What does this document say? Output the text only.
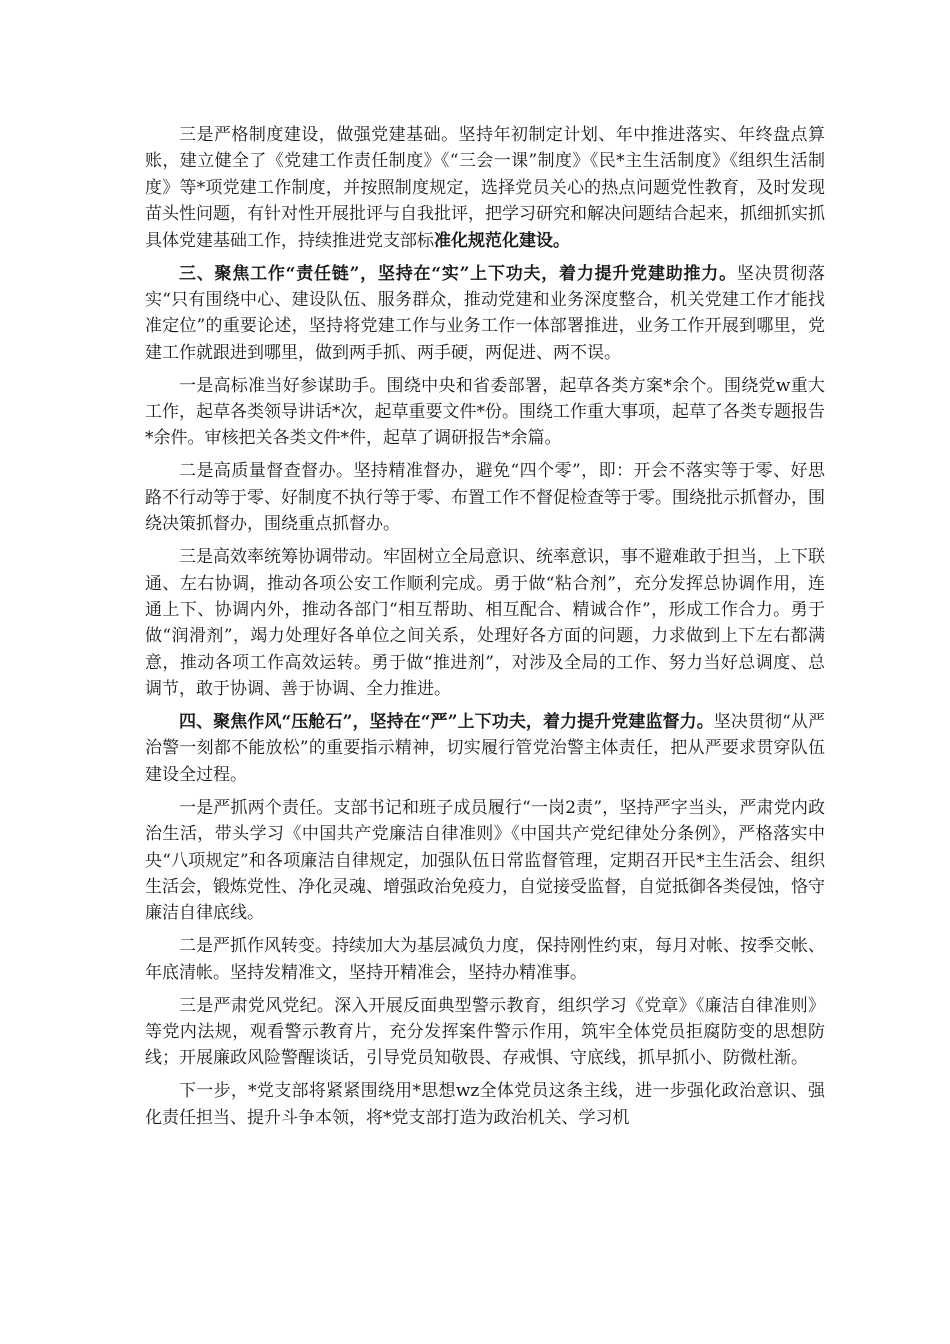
三是严格制度建设，做强党建基础。坚持年初制定计划、年中推进落实、年终盘点算账，建立健全了《党建工作责任制度》《“三会一课”制度》《民*主生活制度》《组织生活制度》等*项党建工作制度，并按照制度规定，选择党员关心的热点问题党性教育，及时发现苗头性问题，有针对性开展批评与自我批评，把学习研究和解决问题结合起来，抓细抓实抓具体党建基础工作，持续推进党支部标准化规范化建设。

三、聚焦工作“责任链”，坚持在“实”上下功夫，着力提升党建助推力。坚决贯彻落实“只有围绕中心、建设队伍、服务群众，推动党建和业务深度整合，机关党建工作才能找准定位”的重要论述，坚持将党建工作与业务工作一体部署推进，业务工作开展到哪里，党建工作就跟进到哪里，做到两手抓、两手硬，两促进、两不误。

一是高标准当好参谋助手。围绕中央和省委部署，起草各类方案*余个。围绕党w重大工作，起草各类领导讲话*次，起草重要文件*份。围绕工作重大事项，起草了各类专题报告*余件。审核把关各类文件*件，起草了调研报告*余篇。

二是高质量督查督办。坚持精准督办，避免“四个零”，即：开会不落实等于零、好思路不行动等于零、好制度不执行等于零、布置工作不督促检查等于零。围绕批示抓督办，围绕决策抓督办，围绕重点抓督办。

三是高效率统筹协调带动。牢固树立全局意识、统率意识，事不避难敢于担当，上下联通、左右协调，推动各项公安工作顺利完成。勇于做“粘合剂”，充分发挥总协调作用，连通上下、协调内外，推动各部门“相互帮助、相互配合、精诚合作”，形成工作合力。勇于做“润滑剂”，竭力处理好各单位之间关系，处理好各方面的问题，力求做到上下左右都满意，推动各项工作高效运转。勇于做“推进剂”，对涉及全局的工作、努力当好总调度、总调节，敢于协调、善于协调、全力推进。

四、聚焦作风“压舱石”，坚持在“严”上下功夫，着力提升党建监督力。坚决贯彻“从严治警一刻都不能放松”的重要指示精神，切实履行管党治警主体责任，把从严要求贯穿队伍建设全过程。

一是严抓两个责任。支部书记和班子成员履行“一岗2责”，坚持严字当头，严肃党内政治生活，带头学习《中国共产党廉洁自律准则》《中国共产党纪律处分条例》，严格落实中央“八项规定”和各项廉洁自律规定，加强队伍日常监督管理，定期召开民*主生活会、组织生活会，锻炼党性、净化灵魂、增强政治免疫力，自觉接受监督，自觉抵御各类侵蚀，恪守廉洁自律底线。

二是严抓作风转变。持续加大为基层减负力度，保持刚性约束，每月对帐、按季交帐、年底清帐。坚持发精准文，坚持开精准会，坚持办精准事。

三是严肃党风党纪。深入开展反面典型警示教育，组织学习《党章》《廉洁自律准则》等党内法规，观看警示教育片，充分发挥案件警示作用，筑牢全体党员拒腐防变的思想防线；开展廉政风险警醒谈话，引导党员知敬畏、存戒惧、守底线，抓早抓小、防微杜渐。

下一步，*党支部将紧紧围绕用*思想wz全体党员这条主线，进一步强化政治意识、强化责任担当、提升斗争本领，将*党支部打造为政治机关、学习机
